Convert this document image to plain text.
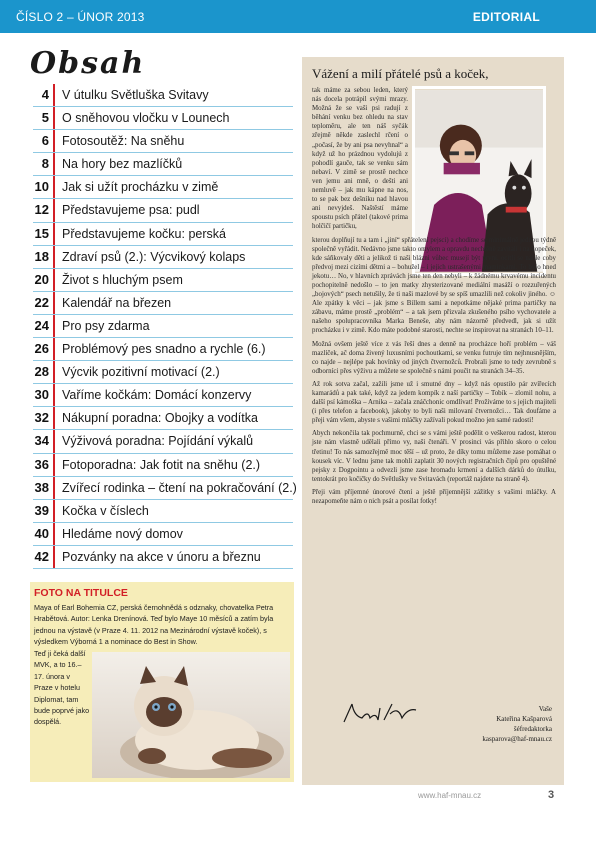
ČÍSLO 2 – ÚNOR 2013	EDITORIAL
Obsah
4	V útulku Světluška Svitavy
5	O sněhovou vločku v Lounech
6	Fotosoutěž: Na sněhu
8	Na hory bez mazlíčků
10	Jak si užít procházku v zimě
12	Představujeme psa: pudl
15	Představujeme kočku: perská
18	Zdraví psů (2.): Výcvikový kolaps
20	Život s hluchým psem
22	Kalendář na březen
24	Pro psy zdarma
26	Problémový pes snadno a rychle (6.)
28	Výcvik pozitivní motivací (2.)
30	Vaříme kočkám: Domácí konzervy
32	Nákupní poradna: Obojky a vodítka
34	Výživová poradna: Pojídání výkalů
36	Fotoporadna: Jak fotit na sněhu (2.)
38	Zvířecí rodinka – čtení na pokračování (2.)
39	Kočka v číslech
40	Hledáme nový domov
42	Pozvánky na akce v únoru a březnu
FOTO NA TITULCE
Maya of Earl Bohemia CZ, perská černohnědá s odznaky, chovatelka Petra Hrabětová. Autor: Lenka Drenínová. Teď bylo Maye 10 měsíců a zatím byla jednou na výstavě (v Praze 4. 11. 2012 na Mezinárodní výstavě koček), s výsledkem Výborná 1 a nominace do Best in Show.
Teď ji čeká další MVK, a to 16.–17. února v Praze v hotelu Diplomat, tam bude poprvé jako dospělá.
Vážení a milí přátelé psů a koček,

tak máme za sebou leden, který nás docela potrápil svými mrazy. Možná že se vaši psi radují z běhání venku bez ohledu na stav teploměru, ale ten náš syčák zřejmě někde zaslechl rčení o „počasí, že by ani psa nevyhnal“ a když už ho prázdnou vydolujú z pohodlí gauče, tak se venku sám nebaví. V zimě se prostě nechce ven jemu ani mně, o dešti ani nemluvě – jak mu kápne na nos, to se pak bez dešníku nad hlavou ani nevyjdeš. Naštěstí máme spoustu psích přátel (takové prima holčičí partičku,

kterou doplňují tu a tam i „jiní“ spřátelení pejsci) a chodíme se minimálně jednou týdně společně vyřádit. Nedávno jsme takto omylem a opravdu nechtěně zavítali i na kopeček, kde sáňkovaly děti a jelikož ti naši blázni vůbec musejí být první, ocitli se náhle coby předvoj mezi cizími dětmi a – bohužel – i jejich ustrašenými maminkami. To bylo hned jekotu… No, v hlavních zprávách jsme ten den nebyli – k žádnému krvavému incidentu pochopitelně nedošlo – to jen matky zhysterizované mediální masáží o rozzuřených „bojových“ psech netušily, že ti naši mazlové by se spíš umazlili než cokoliv jiného. ☺ Ale zpátky k věci – jak jsme s Billem sami a nepotkáme nějaké prima partičky na zábavu, máme prostě „problém“ – a tak jsem přizvala zkušeného psího vychovatele a našeho spolupracovníka Marka Beneše, aby nám názorně předvedl, jak si užít procházku i v zimě. Kdo máte podobné starosti, nechte se inspirovat na stranách 10–11.

Možná ovšem ještě více z vás řeší dnes a denně na procházce hoří problém – váš mazlíček, ač doma živený luxusními pochoutkami, se venku futruje tím nejhnusnějším, co najde – nejlépe pak hovínky od jiných čtvernožců. Probrali jsme to tedy zevrubně s odborníci přes výživu a můžete se společně s námi poučit na stranách 34–35.

Až rok sotva začal, zažili jsme už i smutné dny – když nás opustilo pár zvířecích kamarádů a pak také, když za jedem kompík z naší partičky – Tobík – zlomil nohu, a další psí kámoška – Arnika – začala znáčchonic omdlívat! Prožíváme to s jejich majiteli (i přes telefon a facebook), jakoby to byli naši milovaní čtvernožci… Tak doufáme a přeji vám všem, abyste s vašimi mláčky zažívali pokud možno jen samé radosti!

Abych nekončila tak pochmurně, chci se s vámi ještě podělit o veškerou radost, kterou jste nám vlastně udělali přímo vy, naši čtenáři. V prosinci vás přihlo skoro o celou třetinu! To nás samozřejmě moc těší – už proto, že díky tomu můžeme zase pomáhat o kousek víc. V lednu jsme tak mohli zaplatit 30 nových registračních čipů pro opuštěné pejsky z Dogpointu a odvezli jsme zase hromadu krmení a dalších dárků do útulku, tentokrát pro kočičky do Světlušky ve Svitavách (reportáž najdete na straně 4).

Přeji vám příjemné únorové čtení a ještě příjemnější zážitky s vašimi mláčky. A nezapomeňte nám o nich psát a posílat fotky!

Vaše
Kateřina Kašparová
šéfredaktorka
kasparova@haf-mnau.cz
www.haf-mnau.cz	3
